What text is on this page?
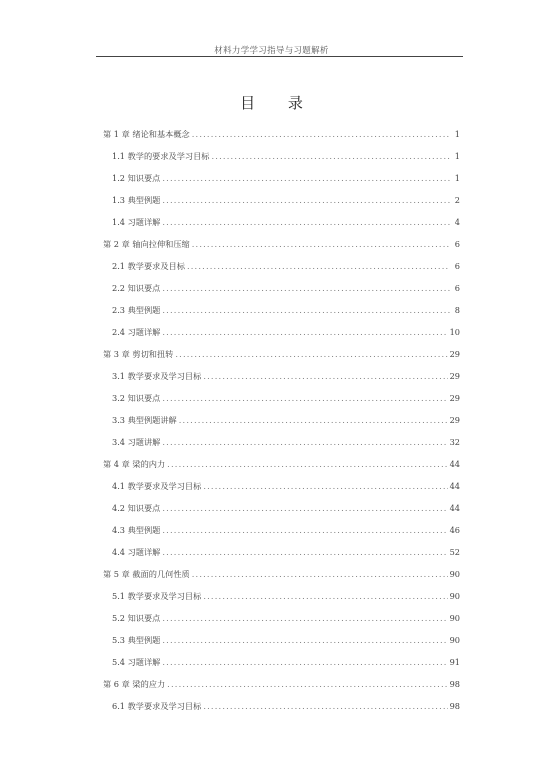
材料力学学习指导与习题解析
目 录
第 1 章 绪论和基本概念 .....	1
1.1 教学的要求及学习目标 .....	1
1.2 知识要点 .....	1
1.3 典型例题 .....	2
1.4 习题详解 .....	4
第 2 章 轴向拉伸和压缩 .....	6
2.1 教学要求及目标 .....	6
2.2 知识要点 .....	6
2.3 典型例题 .....	8
2.4 习题详解 .....	10
第 3 章 剪切和扭转 .....	29
3.1 教学要求及学习目标 .....	29
3.2 知识要点 .....	29
3.3 典型例题讲解 .....	29
3.4 习题讲解 .....	32
第 4 章 梁的内力 .....	44
4.1 教学要求及学习目标 .....	44
4.2 知识要点 .....	44
4.3 典型例题 .....	46
4.4 习题详解 .....	52
第 5 章 截面的几何性质 .....	90
5.1 教学要求及学习目标 .....	90
5.2 知识要点 .....	90
5.3 典型例题 .....	90
5.4 习题详解 .....	91
第 6 章 梁的应力 .....	98
6.1 教学要求及学习目标 .....	98
